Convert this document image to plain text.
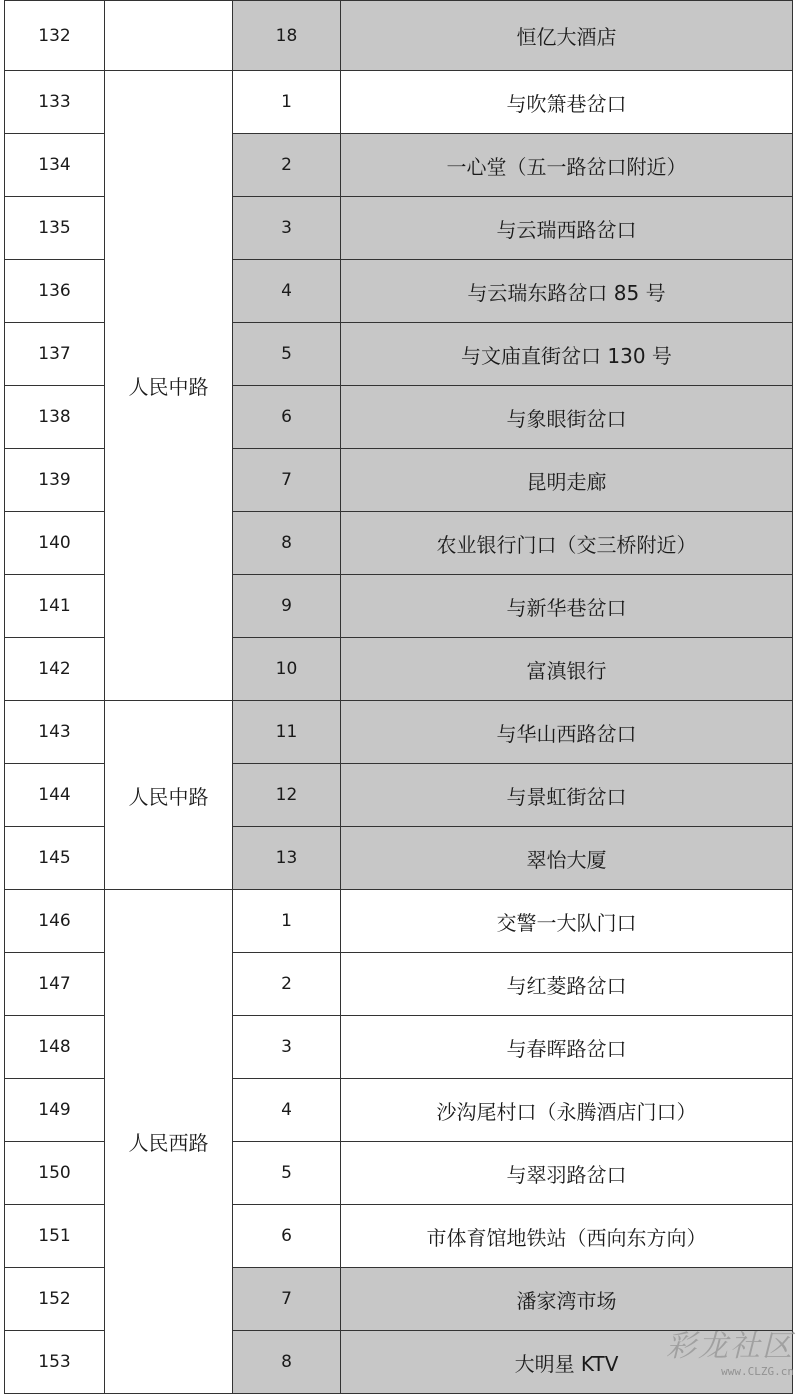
132		18	恒亿大酒店
133	人民中路	1	与吹箫巷岔口
134		2	一心堂（五一路岔口附近）
135		3	与云瑞西路岔口
136		4	与云瑞东路岔口 85 号
137		5	与文庙直街岔口 130 号
138		6	与象眼街岔口
139		7	昆明走廊
140		8	农业银行门口（交三桥附近）
141		9	与新华巷岔口
142		10	富滇银行
143	人民中路	11	与华山西路岔口
144		12	与景虹街岔口
145		13	翠怡大厦
146	人民西路	1	交警一大队门口
147		2	与红菱路岔口
148		3	与春晖路岔口
149		4	沙沟尾村口（永腾酒店门口）
150		5	与翠羽路岔口
151		6	市体育馆地铁站（西向东方向）
152		7	潘家湾市场
153		8	大明星 KTV 彩龙社区
www.CLZG.cn
